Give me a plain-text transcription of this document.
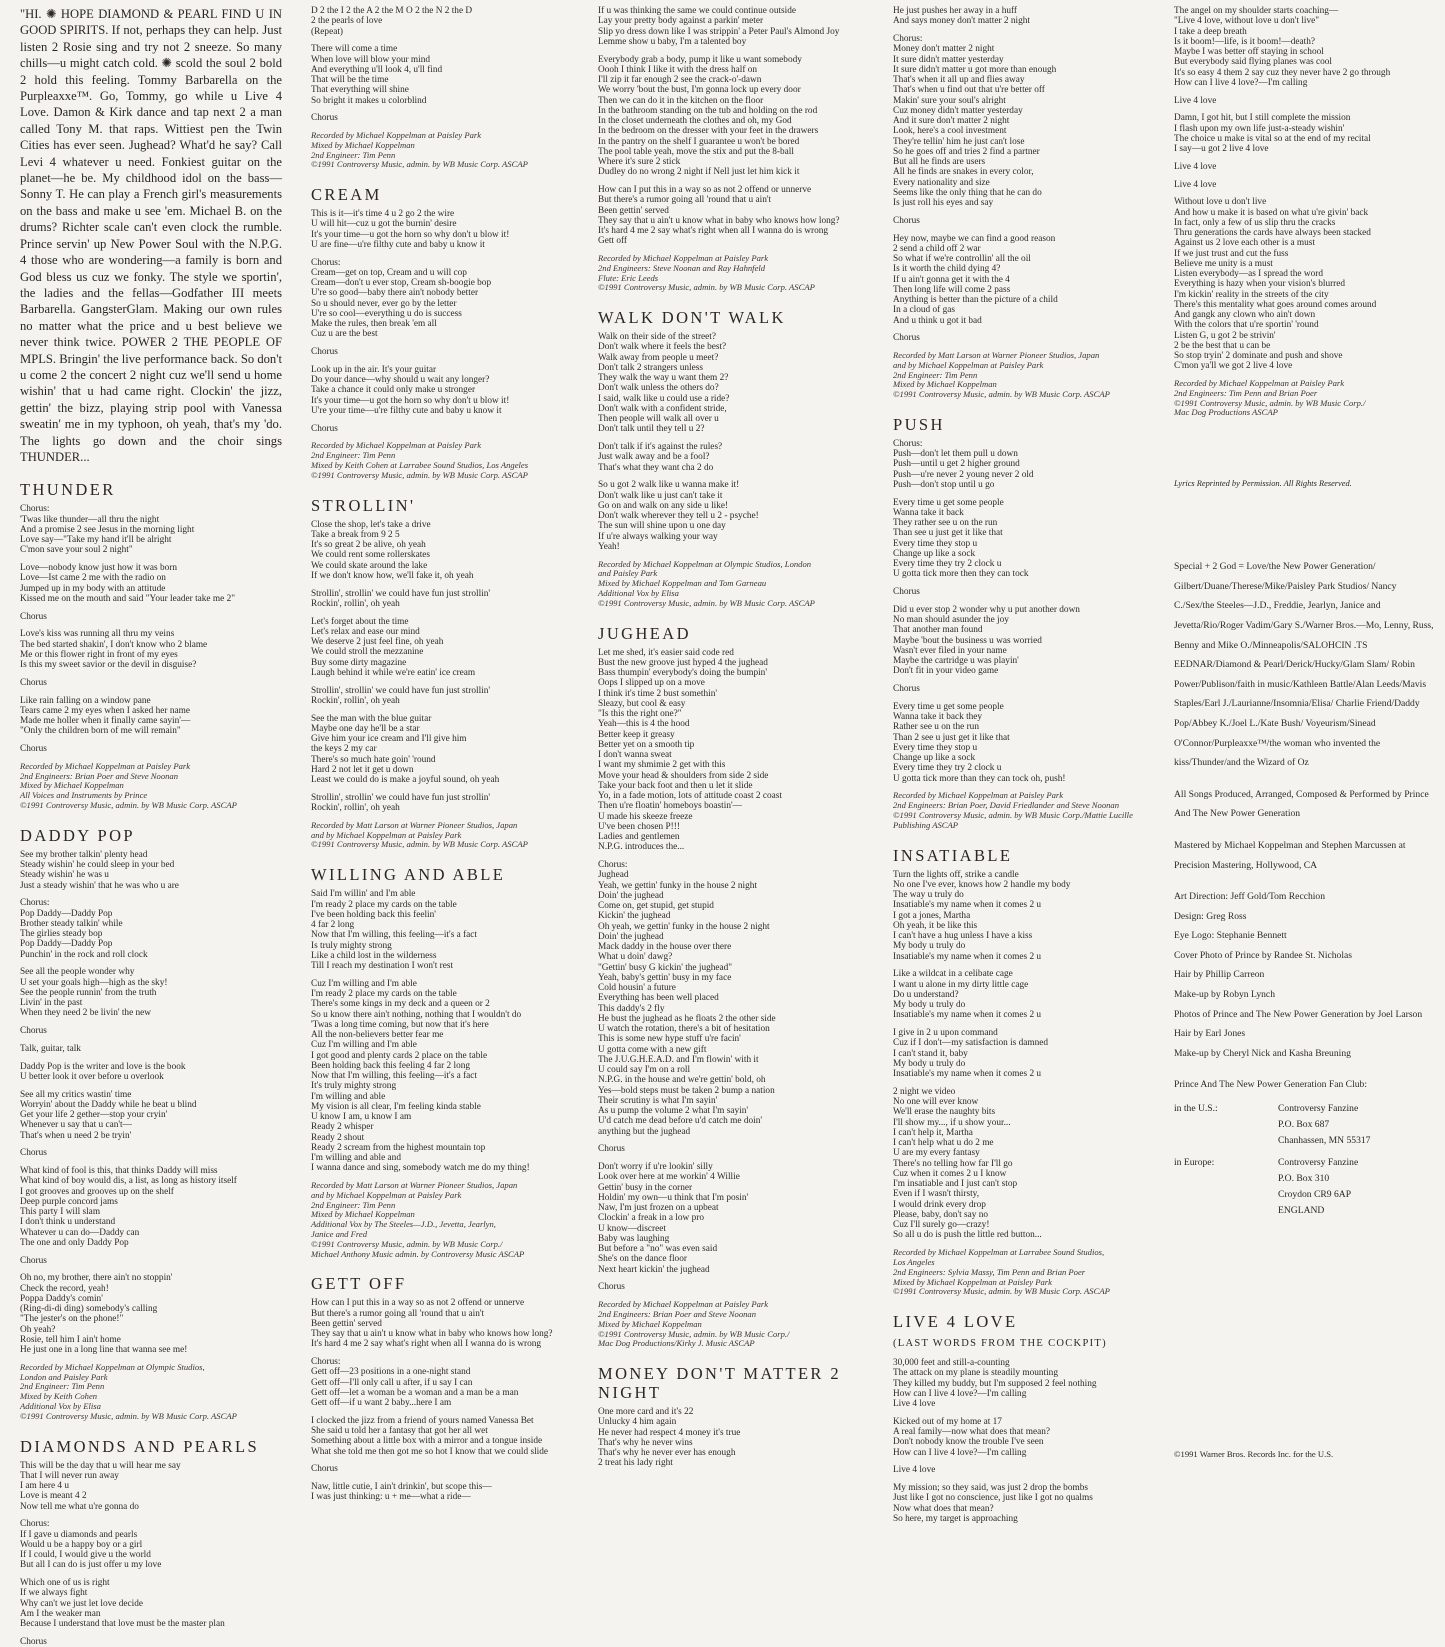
"HI. ✺ HOPE DIAMOND & PEARL FIND U IN GOOD SPIRITS. If not, perhaps they can help. Just listen 2 Rosie sing and try not 2 sneeze. So many chills—u might catch cold. ✺ scold the soul 2 bold 2 hold this feeling. Tommy Barbarella on the Purpleaxxe™. Go, Tommy, go while u Live 4 Love. Damon & Kirk dance and tap next 2 a man called Tony M. that raps. Wittiest pen the Twin Cities has ever seen. Jughead? What'd he say? Call Levi 4 whatever u need. Fonkiest guitar on the planet—he be. My childhood idol on the bass—Sonny T. He can play a French girl's measurements on the bass and make u see 'em. Michael B. on the drums? Richter scale can't even clock the rumble. Prince servin' up New Power Soul with the N.P.G. 4 those who are wondering—a family is born and God bless us cuz we fonky. The style we sportin', the ladies and the fellas—Godfather III meets Barbarella. GangsterGlam. Making our own rules no matter what the price and u best believe we never think twice. POWER 2 THE PEOPLE OF MPLS. Bringin' the live performance back. So don't u come 2 the concert 2 night cuz we'll send u home wishin' that u had came right. Clockin' the jizz, gettin' the bizz, playing strip pool with Vanessa sweatin' me in my typhoon, oh yeah, that's my 'do. The lights go down and the choir sings THUNDER...

THUNDER

Chorus:
'Twas like thunder—all thru the night
And a promise 2 see Jesus in the morning light
Love say—"Take my hand it'll be alright
C'mon save your soul 2 night"

Love—nobody know just how it was born
Love—Ist came 2 me with the radio on
Jumped up in my body with an attitude
Kissed me on the mouth and said "Your leader take me 2"

Chorus

Love's kiss was running all thru my veins
The bed started shakin', I don't know who 2 blame
Me or this flower right in front of my eyes
Is this my sweet savior or the devil in disguise?

Chorus

Like rain falling on a window pane
Tears came 2 my eyes when I asked her name
Made me holler when it finally came sayin'—
"Only the children born of me will remain"

Chorus

Recorded by Michael Koppelman at Paisley Park
2nd Engineers: Brian Poer and Steve Noonan
Mixed by Michael Koppelman
All Voices and Instruments by Prince
©1991 Controversy Music, admin. by WB Music Corp. ASCAP

DADDY POP

See my brother talkin' plenty head
Steady wishin' he could sleep in your bed
Steady wishin' he was u
Just a steady wishin' that he was who u are

Chorus:
Pop Daddy—Daddy Pop
Brother steady talkin' while
The girlies steady bop
Pop Daddy—Daddy Pop
Punchin' in the rock and roll clock

See all the people wonder why
U set your goals high—high as the sky!
See the people runnin' from the truth
Livin' in the past
When they need 2 be livin' the new

Chorus

Talk, guitar, talk

Daddy Pop is the writer and love is the book
U better look it over before u overlook

See all my critics wastin' time
Worryin' about the Daddy while he beat u blind
Get your life 2 gether—stop your cryin'
Whenever u say that u can't—
That's when u need 2 be tryin'

Chorus

What kind of fool is this, that thinks Daddy will miss
What kind of boy would dis, a list, as long as history itself
I got grooves and grooves up on the shelf
Deep purple concord jams
This party I will slam
I don't think u understand
Whatever u can do—Daddy can
The one and only Daddy Pop

Chorus

Oh no, my brother, there ain't no stoppin'
Check the record, yeah!
Poppa Daddy's comin'
(Ring-di-di ding) somebody's calling
"The jester's on the phone!"
Oh yeah?
Rosie, tell him I ain't home
He just one in a long line that wanna see me!

Recorded by Michael Koppelman at Olympic Studios,
London and Paisley Park
2nd Engineer: Tim Penn
Mixed by Keith Cohen
Additional Vox by Elisa
©1991 Controversy Music, admin. by WB Music Corp. ASCAP

DIAMONDS AND PEARLS

This will be the day that u will hear me say
That I will never run away
I am here 4 u
Love is meant 4 2
Now tell me what u're gonna do

Chorus:
If I gave u diamonds and pearls
Would u be a happy boy or a girl
If I could, I would give u the world
But all I can do is just offer u my love

Which one of us is right
If we always fight
Why can't we just let love decide
Am I the weaker man
Because I understand that love must be the master plan

Chorus

D 2 the I 2 the A 2 the M O 2 the N 2 the D
2 the pearls of love
(Repeat)

There will come a time
When love will blow your mind
And everything u'll look 4, u'll find
That will be the time
That everything will shine
So bright it makes u colorblind

Chorus

Recorded by Michael Koppelman at Paisley Park
Mixed by Michael Koppelman
2nd Engineer: Tim Penn
©1991 Controversy Music, admin. by WB Music Corp. ASCAP

CREAM

This is it—it's time 4 u 2 go 2 the wire
U will hit—cuz u got the burnin' desire
It's your time—u got the horn so why don't u blow it!
U are fine—u're filthy cute and baby u know it

Chorus:
Cream—get on top, Cream and u will cop
Cream—don't u ever stop, Cream sh-boogie bop
U're so good—baby there ain't nobody better
So u should never, ever go by the letter
U're so cool—everything u do is success
Make the rules, then break 'em all
Cuz u are the best

Chorus

Look up in the air. It's your guitar
Do your dance—why should u wait any longer?
Take a chance it could only make u stronger
It's your time—u got the horn so why don't u blow it!
U're your time—u're filthy cute and baby u know it

Chorus

Recorded by Michael Koppelman at Paisley Park
2nd Engineer: Tim Penn
Mixed by Keith Cohen at Larrabee Sound Studios, Los Angeles
©1991 Controversy Music, admin. by WB Music Corp. ASCAP

STROLLIN'

Close the shop, let's take a drive
Take a break from 9 2 5
It's so great 2 be alive, oh yeah
We could rent some rollerskates
We could skate around the lake
If we don't know how, we'll fake it, oh yeah

Strollin', strollin' we could have fun just strollin'
Rockin', rollin', oh yeah

Let's forget about the time
Let's relax and ease our mind
We deserve 2 just feel fine, oh yeah
We could stroll the mezzanine
Buy some dirty magazine
Laugh behind it while we're eatin' ice cream

Strollin', strollin' we could have fun just strollin'
Rockin', rollin', oh yeah

See the man with the blue guitar
Maybe one day he'll be a star
Give him your ice cream and I'll give him
the keys 2 my car
There's so much hate goin' 'round
Hard 2 not let it get u down
Least we could do is make a joyful sound, oh yeah

Strollin', strollin' we could have fun just strollin'
Rockin', rollin', oh yeah

Recorded by Matt Larson at Warner Pioneer Studios, Japan
and by Michael Koppelman at Paisley Park
©1991 Controversy Music, admin. by WB Music Corp. ASCAP

WILLING AND ABLE

Said I'm willin' and I'm able
I'm ready 2 place my cards on the table
I've been holding back this feelin'
4 far 2 long
Now that I'm willing, this feeling—it's a fact
Is truly mighty strong
Like a child lost in the wilderness
Till I reach my destination I won't rest

Cuz I'm willing and I'm able
I'm ready 2 place my cards on the table
There's some kings in my deck and a queen or 2
So u know there ain't nothing, nothing that I wouldn't do
'Twas a long time coming, but now that it's here
All the non-believers better fear me
Cuz I'm willing and I'm able
I got good and plenty cards 2 place on the table
Been holding back this feeling 4 far 2 long
Now that I'm willing, this feeling—it's a fact
It's truly mighty strong
I'm willing and able
My vision is all clear, I'm feeling kinda stable
U know I am, u know I am
Ready 2 whisper
Ready 2 shout
Ready 2 scream from the highest mountain top
I'm willing and able and
I wanna dance and sing, somebody watch me do my thing!

Recorded by Matt Larson at Warner Pioneer Studios, Japan
and by Michael Koppelman at Paisley Park
2nd Engineer: Tim Penn
Mixed by Michael Koppelman
Additional Vox by The Steeles—J.D., Jevetta, Jearlyn,
Janice and Fred
©1991 Controversy Music, admin. by WB Music Corp./
Michael Anthony Music admin. by Controversy Music ASCAP

GETT OFF

How can I put this in a way so as not 2 offend or unnerve
But there's a rumor going all 'round that u ain't
Been gettin' served
They say that u ain't u know what in baby who knows how long?
It's hard 4 me 2 say what's right when all I wanna do is wrong

Chorus:
Gett off—23 positions in a one-night stand
Gett off—I'll only call u after, if u say I can
Gett off—let a woman be a woman and a man be a man
Gett off—if u want 2 baby...here I am

I clocked the jizz from a friend of yours named Vanessa Bet
She said u told her a fantasy that got her all wet
Something about a little box with a mirror and a tongue inside
What she told me then got me so hot I know that we could slide

Chorus

Naw, little cutie, I ain't drinkin', but scope this—
I was just thinking: u + me—what a ride—

If u was thinking the same we could continue outside
Lay your pretty body against a parkin' meter
Slip yo dress down like I was strippin' a Peter Paul's Almond Joy
Lemme show u baby, I'm a talented boy

Everybody grab a body, pump it like u want somebody
Oooh I think I like it with the dress half on
I'll zip it far enough 2 see the crack-o'-dawn
We worry 'bout the bust, I'm gonna lock up every door
Then we can do it in the kitchen on the floor
In the bathroom standing on the tub and holding on the rod
In the closet underneath the clothes and oh, my God
In the bedroom on the dresser with your feet in the drawers
In the pantry on the shelf I guarantee u won't be bored
The pool table yeah, move the stix and put the 8-ball
Where it's sure 2 stick
Dudley do no wrong 2 night if Nell just let him kick it

How can I put this in a way so as not 2 offend or unnerve
But there's a rumor going all 'round that u ain't
Been gettin' served
They say that u ain't u know what in baby who knows how long?
It's hard 4 me 2 say what's right when all I wanna do is wrong
Gett off

Recorded by Michael Koppelman at Paisley Park
2nd Engineers: Steve Noonan and Ray Hahnfeld
Flute: Eric Leeds
©1991 Controversy Music, admin. by WB Music Corp. ASCAP

WALK DON'T WALK

Walk on their side of the street?
Don't walk where it feels the best?
Walk away from people u meet?
Don't talk 2 strangers unless
They walk the way u want them 2?
Don't walk unless the others do?
I said, walk like u could use a ride?
Don't walk with a confident stride,
Then people will walk all over u
Don't talk until they tell u 2?

Don't talk if it's against the rules?
Just walk away and be a fool?
That's what they want cha 2 do

So u got 2 walk like u wanna make it!
Don't walk like u just can't take it
Go on and walk on any side u like!
Don't walk wherever they tell u 2 - psyche!
The sun will shine upon u one day
If u're always walking your way
Yeah!

Recorded by Michael Koppelman at Olympic Studios, London
and Paisley Park
Mixed by Michael Koppelman and Tom Garneau
Additional Vox by Elisa
©1991 Controversy Music, admin. by WB Music Corp. ASCAP

JUGHEAD

Let me shed, it's easier said code red
Bust the new groove just hyped 4 the jughead
Bass thumpin' everybody's doing the bumpin'
Oops I slipped up on a move
I think it's time 2 bust somethin'
Sleazy, but cool & easy
"Is this the right one?"
Yeah—this is 4 the hood
Better keep it greasy
Better yet on a smooth tip
I don't wanna sweat
I want my shmimie 2 get with this
Move your head & shoulders from side 2 side
Take your back foot and then u let it slide
Yo, in a fade motion, lots of attitude coast 2 coast
Then u're floatin' homeboys boastin'—
U made his skeeze freeze
U've been chosen P!!!
Ladies and gentlemen
N.P.G. introduces the...

Chorus:
Jughead
Yeah, we gettin' funky in the house 2 night
Doin' the jughead
Come on, get stupid, get stupid
Kickin' the jughead
Oh yeah, we gettin' funky in the house 2 night
Doin' the jughead
Mack daddy in the house over there
What u doin' dawg?
"Gettin' busy G kickin' the jughead"
Yeah, baby's gettin' busy in my face
Cold housin' a future
Everything has been well placed
This daddy's 2 fly
He bust the jughead as he floats 2 the other side
U watch the rotation, there's a bit of hesitation
This is some new hype stuff u're facin'
U gotta come with a new gift
The J.U.G.H.E.A.D. and I'm flowin' with it
U could say I'm on a roll
N.P.G. in the house and we're gettin' bold, oh
Yes—bold steps must be taken 2 bump a nation
Their scrutiny is what I'm sayin'
As u pump the volume 2 what I'm sayin'
U'd catch me dead before u'd catch me doin'
anything but the jughead

Chorus

Don't worry if u're lookin' silly
Look over here at me workin' 4 Willie
Gettin' busy in the corner
Holdin' my own—u think that I'm posin'
Naw, I'm just frozen on a upbeat
Clockin' a freak in a low pro
U know—discreet
Baby was laughing
But before a "no" was even said
She's on the dance floor
Next heart kickin' the jughead

Chorus

Recorded by Michael Koppelman at Paisley Park
2nd Engineers: Brian Poer and Steve Noonan
Mixed by Michael Koppelman
©1991 Controversy Music, admin. by WB Music Corp./
Mac Dog Productions/Kirky J. Music ASCAP

MONEY DON'T MATTER 2 NIGHT

One more card and it's 22
Unlucky 4 him again
He never had respect 4 money it's true
That's why he never wins
That's why he never ever has enough
2 treat his lady right

He just pushes her away in a huff
And says money don't matter 2 night

Chorus:
Money don't matter 2 night
It sure didn't matter yesterday
It sure didn't matter u got more than enough
That's when it all up and flies away
That's when u find out that u're better off
Makin' sure your soul's alright
Cuz money didn't matter yesterday
And it sure don't matter 2 night
Look, here's a cool investment
They're tellin' him he just can't lose
So he goes off and tries 2 find a partner
But all he finds are users
All he finds are snakes in every color,
Every nationality and size
Seems like the only thing that he can do
Is just roll his eyes and say

Chorus

Hey now, maybe we can find a good reason
2 send a child off 2 war
So what if we're controllin' all the oil
Is it worth the child dying 4?
If u ain't gonna get it with the 4
Then long life will come 2 pass
Anything is better than the picture of a child
In a cloud of gas
And u think u got it bad

Chorus

Recorded by Matt Larson at Warner Pioneer Studios, Japan
and by Michael Koppelman at Paisley Park
2nd Engineer: Tim Penn
Mixed by Michael Koppelman
©1991 Controversy Music, admin. by WB Music Corp. ASCAP

PUSH

Chorus:
Push—don't let them pull u down
Push—until u get 2 higher ground
Push—u're never 2 young never 2 old
Push—don't stop until u go

Every time u get some people
Wanna take it back
They rather see u on the run
Than see u just get it like that
Every time they stop u
Change up like a sock
Every time they try 2 clock u
U gotta tick more then they can tock

Chorus

Did u ever stop 2 wonder why u put another down
No man should asunder the joy
That another man found
Maybe 'bout the business u was worried
Wasn't ever filed in your name
Maybe the cartridge u was playin'
Don't fit in your video game

Chorus

Every time u get some people
Wanna take it back they
Rather see u on the run
Than 2 see u just get it like that
Every time they stop u
Change up like a sock
Every time they try 2 clock u
U gotta tick more than they can tock oh, push!

Recorded by Michael Koppelman at Paisley Park
2nd Engineers: Brian Poer, David Friedlander and Steve Noonan
©1991 Controversy Music, admin. by WB Music Corp./Mattie Lucille
Publishing ASCAP

INSATIABLE

Turn the lights off, strike a candle
No one I've ever, knows how 2 handle my body
The way u truly do
Insatiable's my name when it comes 2 u
I got a jones, Martha
Oh yeah, it be like this
I can't have a hug unless I have a kiss
My body u truly do
Insatiable's my name when it comes 2 u

Like a wildcat in a celibate cage
I want u alone in my dirty little cage
Do u understand?
My body u truly do
Insatiable's my name when it comes 2 u

I give in 2 u upon command
Cuz if I don't—my satisfaction is damned
I can't stand it, baby
My body u truly do
Insatiable's my name when it comes 2 u

2 night we video
No one will ever know
We'll erase the naughty bits
I'll show my..., if u show your...
I can't help it, Martha
I can't help what u do 2 me
U are my every fantasy
There's no telling how far I'll go
Cuz when it comes 2 u I know
I'm insatiable and I just can't stop
Even if I wasn't thirsty,
I would drink every drop
Please, baby, don't say no
Cuz I'll surely go—crazy!
So all u do is push the little red button...

Recorded by Michael Koppelman at Larrabee Sound Studios,
Los Angeles
2nd Engineers: Sylvia Massy, Tim Penn and Brian Poer
Mixed by Michael Koppelman at Paisley Park
©1991 Controversy Music, admin. by WB Music Corp. ASCAP

LIVE 4 LOVE
(LAST WORDS FROM THE COCKPIT)

30,000 feet and still-a-counting
The attack on my plane is steadily mounting
They killed my buddy, but I'm supposed 2 feel nothing
How can I live 4 love?—I'm calling
Live 4 love

Kicked out of my home at 17
A real family—now what does that mean?
Don't nobody know the trouble I've seen
How can I live 4 love?—I'm calling

Live 4 love

My mission; so they said, was just 2 drop the bombs
Just like I got no conscience, just like I got no qualms
Now what does that mean?
So here, my target is approaching

The angel on my shoulder starts coaching—
"Live 4 love, without love u don't live"
I take a deep breath
Is it boom!—life, is it boom!—death?
Maybe I was better off staying in school
But everybody said flying planes was cool
It's so easy 4 them 2 say cuz they never have 2 go through
How can I live 4 love?—I'm calling

Live 4 love

Damn, I got hit, but I still complete the mission
I flash upon my own life just-a-steady wishin'
The choice u make is vital so at the end of my recital
I say—u got 2 live 4 love

Live 4 love

Live 4 love

Without love u don't live
And how u make it is based on what u're givin' back
In fact, only a few of us slip thru the cracks
Thru generations the cards have always been stacked
Against us 2 love each other is a must
If we just trust and cut the fuss
Believe me unity is a must
Listen everybody—as I spread the word
Everything is hazy when your vision's blurred
I'm kickin' reality in the streets of the city
There's this mentality what goes around comes around
And gangk any clown who ain't down
With the colors that u're sportin' 'round
Listen G, u got 2 be strivin'
2 be the best that u can be
So stop tryin' 2 dominate and push and shove
C'mon ya'll we got 2 live 4 love

Recorded by Michael Koppelman at Paisley Park
2nd Engineers: Tim Penn and Brian Poer
©1991 Controversy Music, admin. by WB Music Corp./
Mac Dog Productions ASCAP

Lyrics Reprinted by Permission. All Rights Reserved.

Special + 2 God = Love/the New Power Generation/ Gilbert/Duane/Therese/Mike/Paisley Park Studios/ Nancy C./Sex/the Steeles—J.D., Freddie, Jearlyn, Janice and Jevetta/Rio/Roger Vadim/Gary S./Warner Bros.—Mo, Lenny, Russ, Benny and Mike O./Minneapolis/SALOHCIN .TS EEDNAR/Diamond & Pearl/Derick/Hucky/Glam Slam/ Robin Power/Publison/faith in music/Kathleen Battle/Alan Leeds/Mavis Staples/Earl J./Laurianne/Insomnia/Elisa/ Charlie Friend/Daddy Pop/Abbey K./Joel L./Kate Bush/ Voyeurism/Sinead O'Connor/Purpleaxxe™/the woman who invented the kiss/Thunder/and the Wizard of Oz

All Songs Produced, Arranged, Composed & Performed by Prince And The New Power Generation

Mastered by Michael Koppelman and Stephen Marcussen at Precision Mastering, Hollywood, CA

Art Direction: Jeff Gold/Tom Recchion
Design: Greg Ross
Eye Logo: Stephanie Bennett
Cover Photo of Prince by Randee St. Nicholas
Hair by Phillip Carreon
Make-up by Robyn Lynch
Photos of Prince and The New Power Generation by Joel Larson
Hair by Earl Jones
Make-up by Cheryl Nick and Kasha Breuning

Prince And The New Power Generation Fan Club:

in the U.S.:	Controversy Fanzine
P.O. Box 687
Chanhassen, MN 55317

in Europe:	Controversy Fanzine
P.O. Box 310
Croydon CR9 6AP
ENGLAND

©1991 Warner Bros. Records Inc. for the U.S.
